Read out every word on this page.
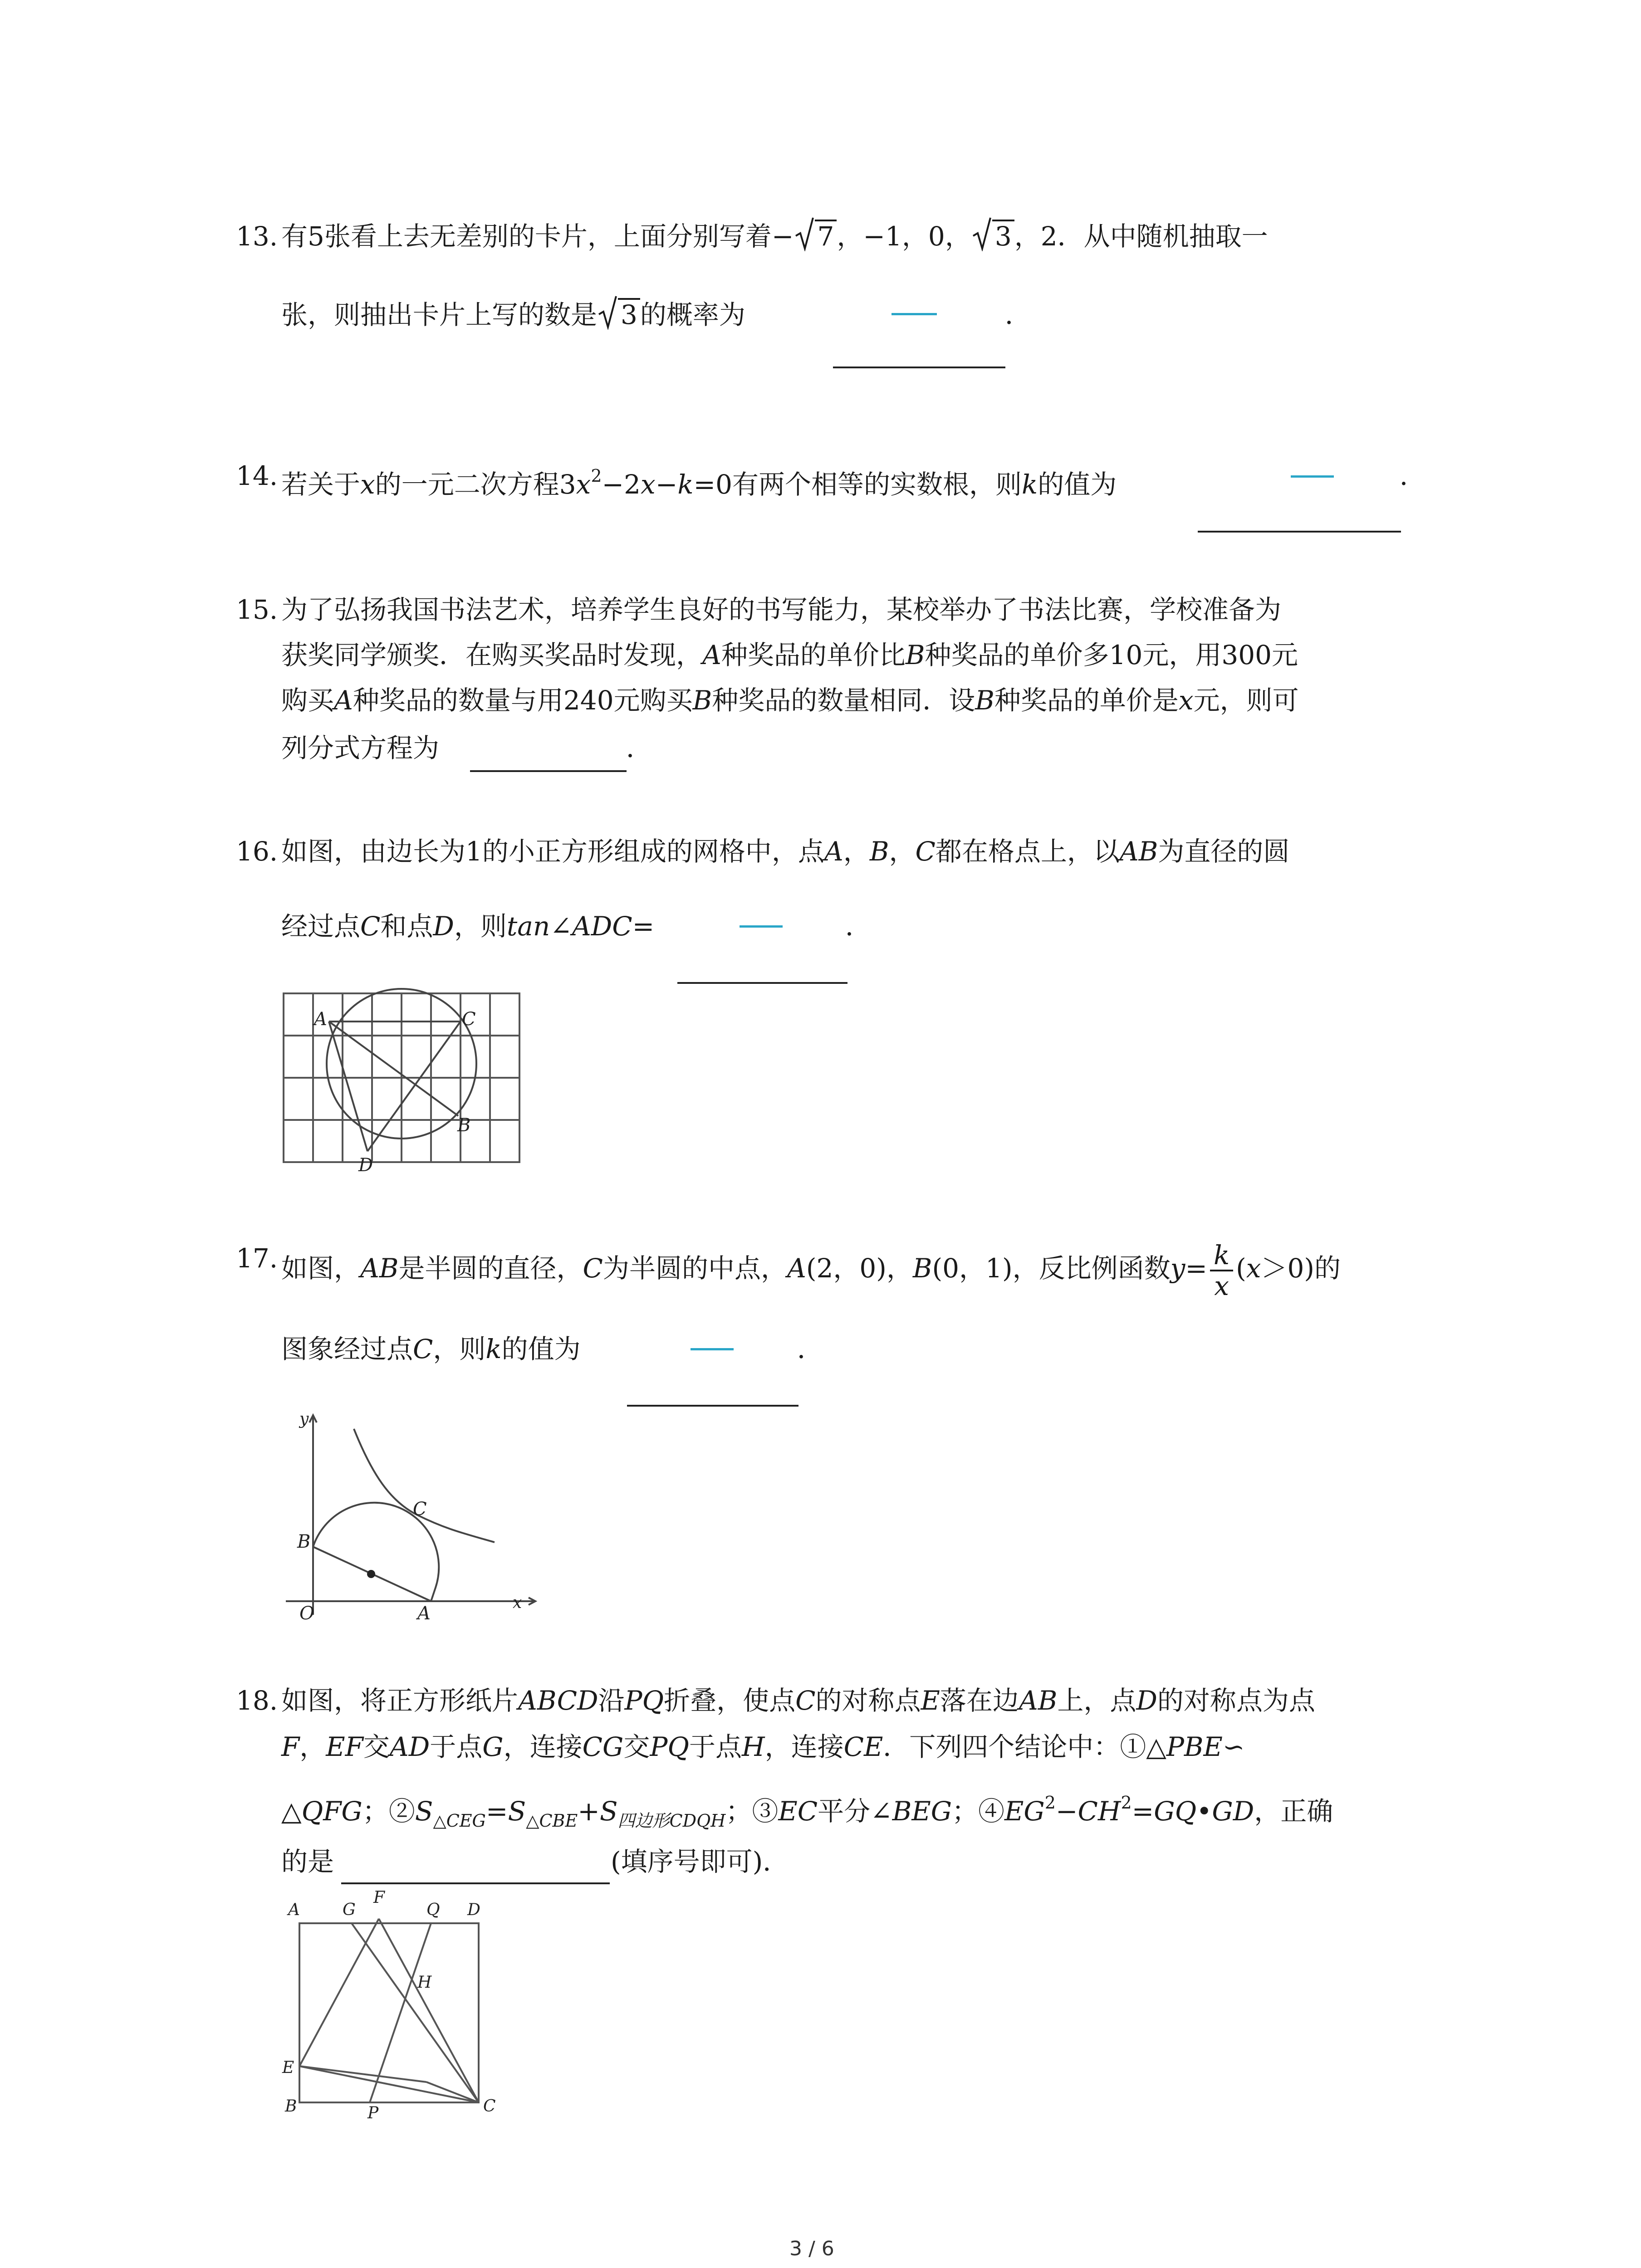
13. 有5张看上去无差别的卡片，上面分别写着− 7 ，−1，0， 3 ，2．从中随机抽取一
张，则抽出卡片上写的数是 3 的概率为	．
14. 若关于x的一元二次方程$3x^2-2x-k=0$有两个相等的实数根，则k的值为	．
15. 为了弘扬我国书法艺术，培养学生良好的书写能力，某校举办了书法比赛，学校准备为
获奖同学颁奖．在购买奖品时发现，A种奖品的单价比B种奖品的单价多10元，用300元
购买A种奖品的数量与用240元购买B种奖品的数量相同．设B种奖品的单价是x元，则可
列分式方程为	．
16. 如图，由边长为1的小正方形组成的网格中，点A，B，C都在格点上，以AB为直径的圆
经过点C和点D，则tan∠ADC=	．
A	C
B
D
17. 如图，AB是半圆的直径，C为半圆的中点，A(2，0)，B(0，1)，反比例函数$y= \frac{k}{x} (x>0)$的
图象经过点C，则k的值为	．
y
x
O	A
B
C
18. 如图，将正方形纸片ABCD沿PQ折叠，使点C的对称点E落在边AB上，点D的对称点为点
F，EF交AD于点G，连接CG交PQ于点H，连接CE．下列四个结论中：①△PBE∽
△QFG；$②S_{\triangle CEG}=S_{\triangle CBE}+S_{四边形CDQH}$；③EC平分∠BEG；$④EG^2-CH^2=GQ•GD$，正确
的是	(填序号即可)．
A	G
F
Q D
H
E
B	P	C
3 / 6
